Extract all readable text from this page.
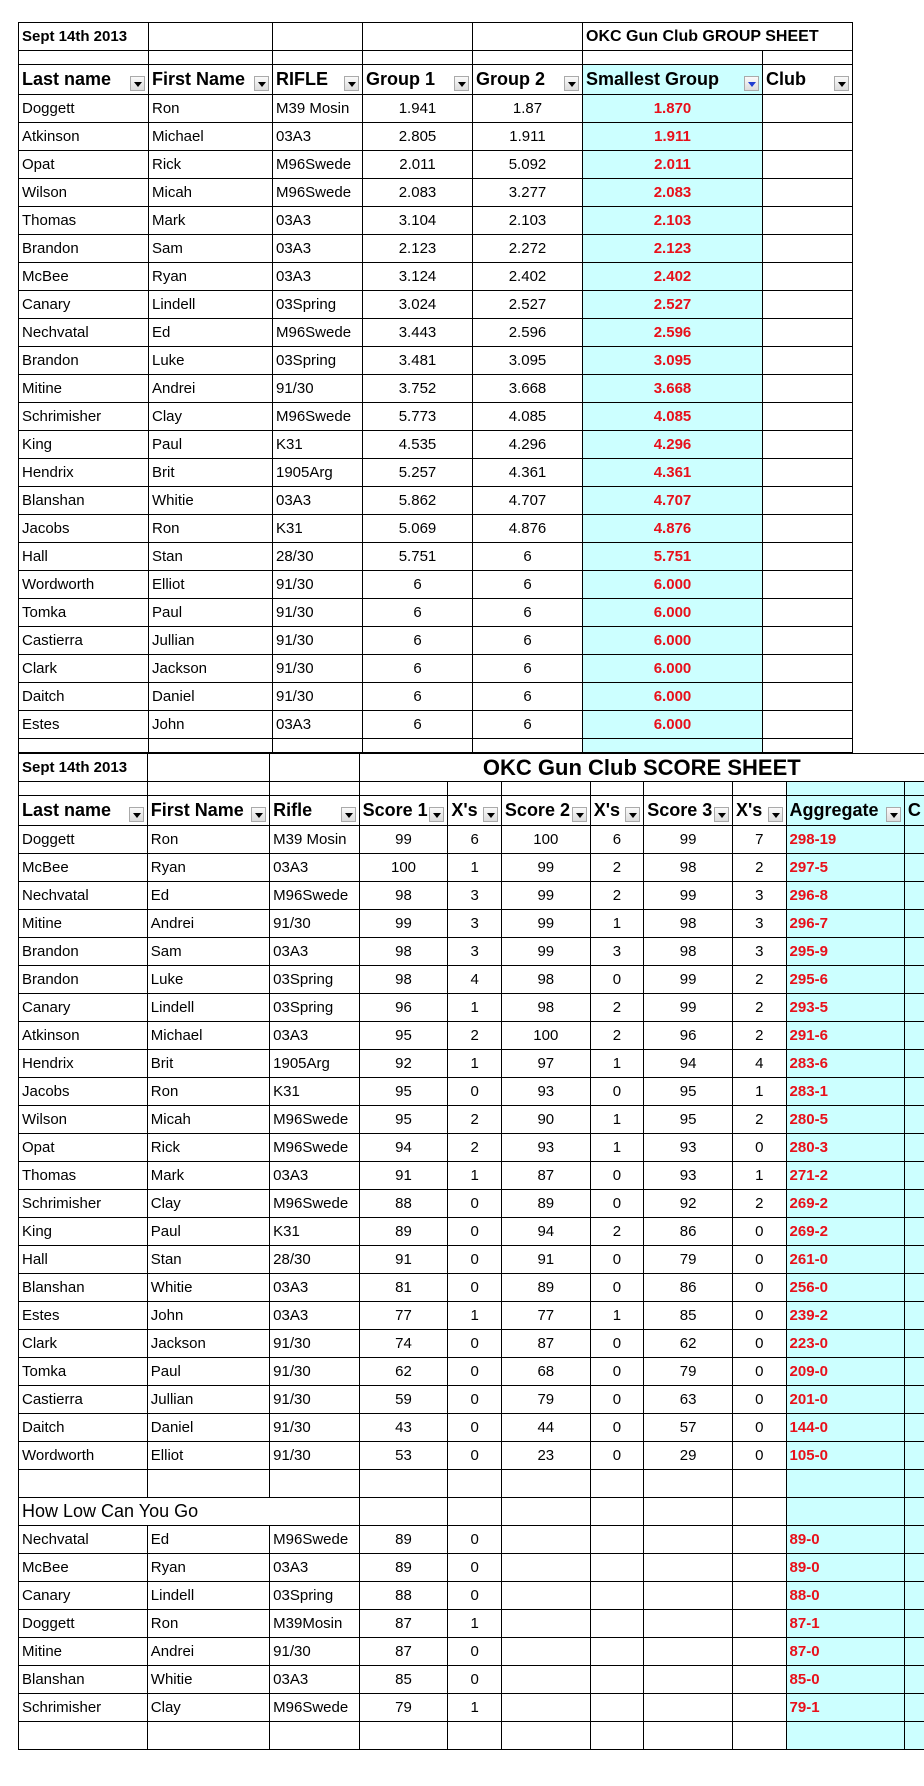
Sept 14th 2013					OKC Gun Club GROUP SHEET	

Last name	First Name	RIFLE	Group 1	Group 2	Smallest Group	Club
Doggett	Ron	M39 Mosin	1.941	1.87	1.870	
Atkinson	Michael	03A3	2.805	1.911	1.911	
Opat	Rick	M96Swede	2.011	5.092	2.011	
Wilson	Micah	M96Swede	2.083	3.277	2.083	
Thomas	Mark	03A3	3.104	2.103	2.103	
Brandon	Sam	03A3	2.123	2.272	2.123	
McBee	Ryan	03A3	3.124	2.402	2.402	
Canary	Lindell	03Spring	3.024	2.527	2.527	
Nechvatal	Ed	M96Swede	3.443	2.596	2.596	
Brandon	Luke	03Spring	3.481	3.095	3.095	
Mitine	Andrei	91/30	3.752	3.668	3.668	
Schrimisher	Clay	M96Swede	5.773	4.085	4.085	
King	Paul	K31	4.535	4.296	4.296	
Hendrix	Brit	1905Arg	5.257	4.361	4.361	
Blanshan	Whitie	03A3	5.862	4.707	4.707	
Jacobs	Ron	K31	5.069	4.876	4.876	
Hall	Stan	28/30	5.751	6	5.751	
Wordworth	Elliot	91/30	6	6	6.000	
Tomka	Paul	91/30	6	6	6.000	
Castierra	Jullian	91/30	6	6	6.000	
Clark	Jackson	91/30	6	6	6.000	
Daitch	Daniel	91/30	6	6	6.000	
Estes	John	03A3	6	6	6.000	

Sept 14th 2013			OKC Gun Club SCORE SHEET							

Last name	First Name	Rifle	Score 1	X's	Score 2	X's	Score 3	X's	Aggregate	C
Doggett	Ron	M39 Mosin	99	6	100	6	99	7	298-19	
McBee	Ryan	03A3	100	1	99	2	98	2	297-5	
Nechvatal	Ed	M96Swede	98	3	99	2	99	3	296-8	
Mitine	Andrei	91/30	99	3	99	1	98	3	296-7	
Brandon	Sam	03A3	98	3	99	3	98	3	295-9	
Brandon	Luke	03Spring	98	4	98	0	99	2	295-6	
Canary	Lindell	03Spring	96	1	98	2	99	2	293-5	
Atkinson	Michael	03A3	95	2	100	2	96	2	291-6	
Hendrix	Brit	1905Arg	92	1	97	1	94	4	283-6	
Jacobs	Ron	K31	95	0	93	0	95	1	283-1	
Wilson	Micah	M96Swede	95	2	90	1	95	2	280-5	
Opat	Rick	M96Swede	94	2	93	1	93	0	280-3	
Thomas	Mark	03A3	91	1	87	0	93	1	271-2	
Schrimisher	Clay	M96Swede	88	0	89	0	92	2	269-2	
King	Paul	K31	89	0	94	2	86	0	269-2	
Hall	Stan	28/30	91	0	91	0	79	0	261-0	
Blanshan	Whitie	03A3	81	0	89	0	86	0	256-0	
Estes	John	03A3	77	1	77	1	85	0	239-2	
Clark	Jackson	91/30	74	0	87	0	62	0	223-0	
Tomka	Paul	91/30	62	0	68	0	79	0	209-0	
Castierra	Jullian	91/30	59	0	79	0	63	0	201-0	
Daitch	Daniel	91/30	43	0	44	0	57	0	144-0	
Wordworth	Elliot	91/30	53	0	23	0	29	0	105-0	

How Low Can You Go										
Nechvatal	Ed	M96Swede	89	0					89-0	
McBee	Ryan	03A3	89	0					89-0	
Canary	Lindell	03Spring	88	0					88-0	
Doggett	Ron	M39Mosin	87	1					87-1	
Mitine	Andrei	91/30	87	0					87-0	
Blanshan	Whitie	03A3	85	0					85-0	
Schrimisher	Clay	M96Swede	79	1					79-1	
